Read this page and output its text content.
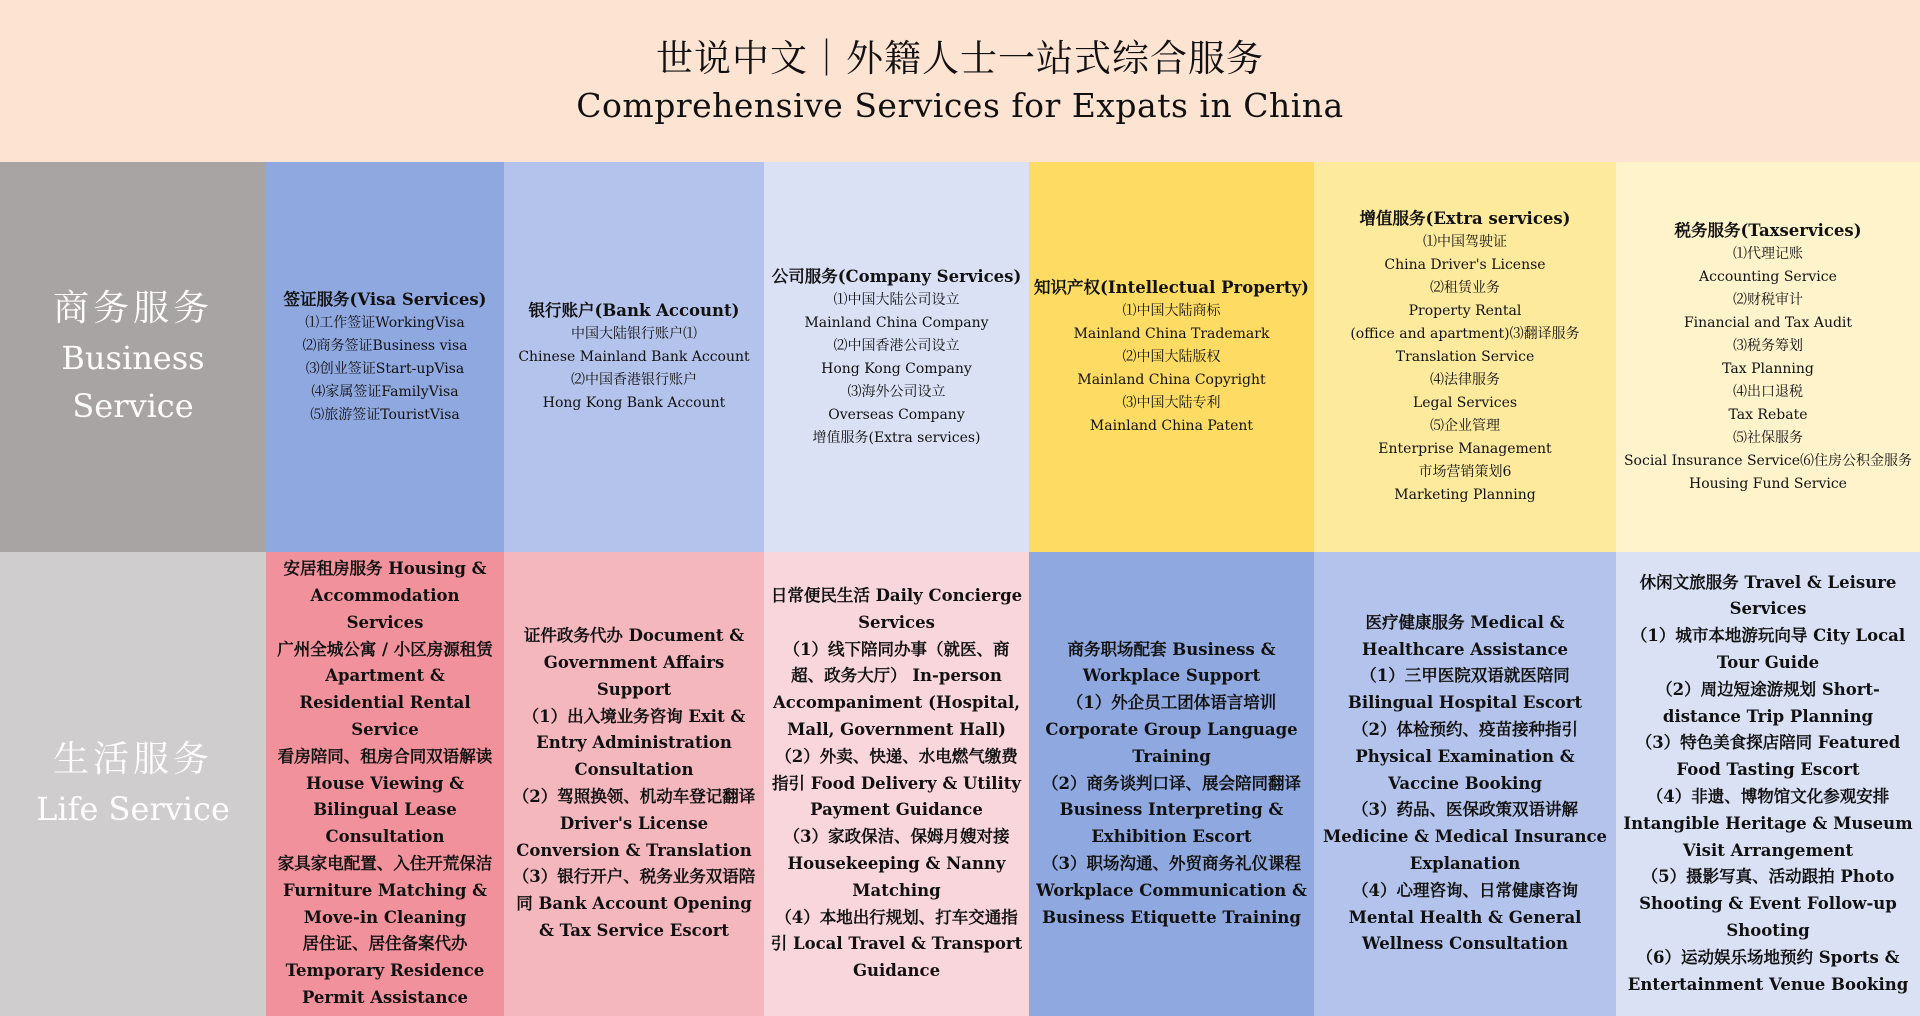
世说中文｜外籍人士一站式综合服务
Comprehensive Services for Expats in China
商务服务
Business Service
签证服务(Visa Services)
⑴工作签证WorkingVisa
⑵商务签证Business visa
⑶创业签证Start-upVisa
⑷家属签证FamilyVisa
⑸旅游签证TouristVisa
银行账户(Bank Account)
中国大陆银行账户⑴
Chinese Mainland Bank Account
⑵中国香港银行账户
Hong Kong Bank Account
公司服务(Company Services)
⑴中国大陆公司设立
Mainland China Company
⑵中国香港公司设立
Hong Kong Company
⑶海外公司设立
Overseas Company
增值服务(Extra services)
知识产权(Intellectual Property)
⑴中国大陆商标
Mainland China Trademark
⑵中国大陆版权
Mainland China Copyright
⑶中国大陆专利
Mainland China Patent
增值服务(Extra services)
⑴中国驾驶证
China Driver's License
⑵租赁业务
Property Rental
(office and apartment)⑶翻译服务
Translation Service
⑷法律服务
Legal Services
⑸企业管理
Enterprise Management
市场营销策划6
Marketing Planning
税务服务(Taxservices)
⑴代理记账
Accounting Service
⑵财税审计
Financial and Tax Audit
⑶税务筹划
Tax Planning
⑷出口退税
Tax Rebate
⑸社保服务
Social Insurance Service⑹住房公积金服务
Housing Fund Service
生活服务
Life Service
安居租房服务 Housing & Accommodation Services
广州全城公寓 / 小区房源租赁 Apartment & Residential Rental Service
看房陪同、租房合同双语解读 House Viewing & Bilingual Lease Consultation
家具家电配置、入住开荒保洁 Furniture Matching & Move-in Cleaning
居住证、居住备案代办 Temporary Residence Permit Assistance
证件政务代办 Document & Government Affairs Support
（1）出入境业务咨询 Exit & Entry Administration Consultation
（2）驾照换领、机动车登记翻译 Driver's License Conversion & Translation
（3）银行开户、税务业务双语陪同 Bank Account Opening & Tax Service Escort
日常便民生活 Daily Concierge Services
（1）线下陪同办事（就医、商超、政务大厅） In-person Accompaniment (Hospital, Mall, Government Hall)
（2）外卖、快递、水电燃气缴费指引 Food Delivery & Utility Payment Guidance
（3）家政保洁、保姆月嫂对接 Housekeeping & Nanny Matching
（4）本地出行规划、打车交通指引 Local Travel & Transport Guidance
商务职场配套 Business & Workplace Support
（1）外企员工团体语言培训 Corporate Group Language Training
（2）商务谈判口译、展会陪同翻译 Business Interpreting & Exhibition Escort
（3）职场沟通、外贸商务礼仪课程 Workplace Communication & Business Etiquette Training
医疗健康服务 Medical & Healthcare Assistance
（1）三甲医院双语就医陪同 Bilingual Hospital Escort
（2）体检预约、疫苗接种指引 Physical Examination & Vaccine Booking
（3）药品、医保政策双语讲解 Medicine & Medical Insurance Explanation
（4）心理咨询、日常健康咨询 Mental Health & General Wellness Consultation
休闲文旅服务 Travel & Leisure Services
（1）城市本地游玩向导 City Local Tour Guide
（2）周边短途游规划 Short-distance Trip Planning
（3）特色美食探店陪同 Featured Food Tasting Escort
（4）非遗、博物馆文化参观安排 Intangible Heritage & Museum Visit Arrangement
（5）摄影写真、活动跟拍 Photo Shooting & Event Follow-up Shooting
（6）运动娱乐场地预约 Sports & Entertainment Venue Booking
